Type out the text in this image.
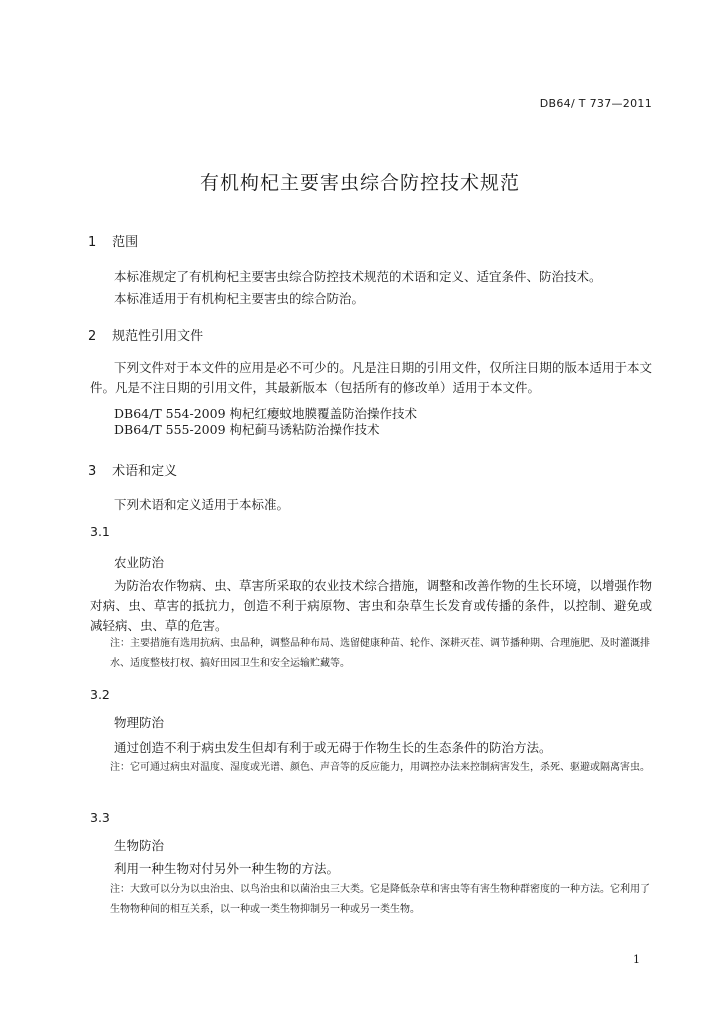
DB64/ T 737—2011
有机枸杞主要害虫综合防控技术规范
1 范围
本标准规定了有机枸杞主要害虫综合防控技术规范的术语和定义、适宜条件、防治技术。
本标准适用于有机枸杞主要害虫的综合防治。
2 规范性引用文件
下列文件对于本文件的应用是必不可少的。凡是注日期的引用文件，仅所注日期的版本适用于本文件。凡是不注日期的引用文件，其最新版本（包括所有的修改单）适用于本文件。
DB64/T 554-2009 枸杞红瘿蚊地膜覆盖防治操作技术
DB64/T 555-2009 枸杞蓟马诱粘防治操作技术
3 术语和定义
下列术语和定义适用于本标准。
3.1
农业防治
为防治农作物病、虫、草害所采取的农业技术综合措施，调整和改善作物的生长环境，以增强作物对病、虫、草害的抵抗力，创造不利于病原物、害虫和杂草生长发育或传播的条件，以控制、避免或减轻病、虫、草的危害。
注：主要措施有选用抗病、虫品种，调整品种布局、选留健康种苗、轮作、深耕灭茬、调节播种期、合理施肥、及时灌溉排水、适度整枝打杈、搞好田园卫生和安全运输贮藏等。
3.2
物理防治
通过创造不利于病虫发生但却有利于或无碍于作物生长的生态条件的防治方法。
注：它可通过病虫对温度、湿度或光谱、颜色、声音等的反应能力，用调控办法来控制病害发生，杀死、驱避或隔离害虫。
3.3
生物防治
利用一种生物对付另外一种生物的方法。
注：大致可以分为以虫治虫、以鸟治虫和以菌治虫三大类。它是降低杂草和害虫等有害生物种群密度的一种方法。它利用了生物物种间的相互关系，以一种或一类生物抑制另一种或另一类生物。
1
